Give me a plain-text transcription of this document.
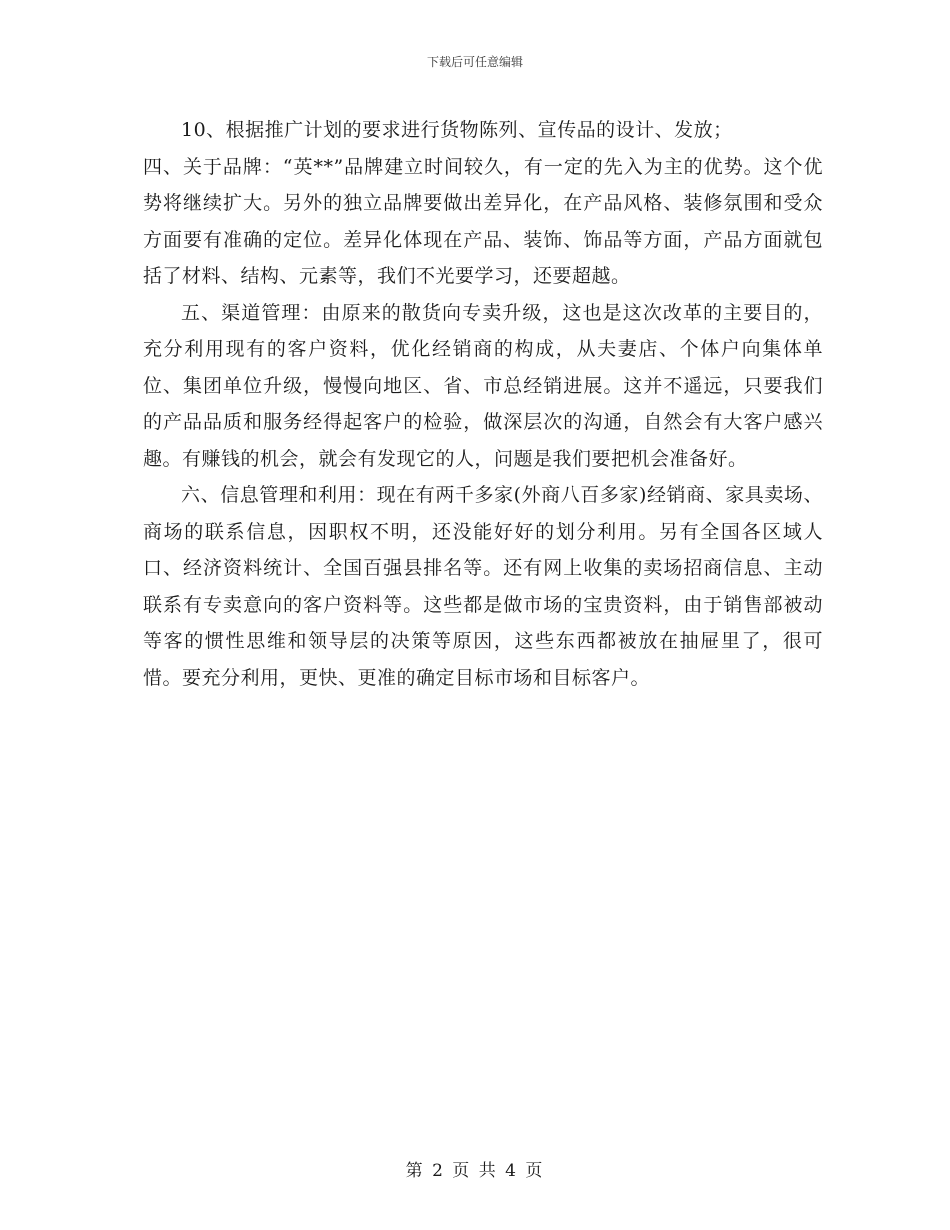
下载后可任意编辑

10、根据推广计划的要求进行货物陈列、宣传品的设计、发放；

四、关于品牌：“英**”品牌建立时间较久，有一定的先入为主的优势。这个优势将继续扩大。另外的独立品牌要做出差异化，在产品风格、装修氛围和受众方面要有准确的定位。差异化体现在产品、装饰、饰品等方面，产品方面就包括了材料、结构、元素等，我们不光要学习，还要超越。

五、渠道管理：由原来的散货向专卖升级，这也是这次改革的主要目的，充分利用现有的客户资料，优化经销商的构成，从夫妻店、个体户向集体单位、集团单位升级，慢慢向地区、省、市总经销进展。这并不遥远，只要我们的产品品质和服务经得起客户的检验，做深层次的沟通，自然会有大客户感兴趣。有赚钱的机会，就会有发现它的人，问题是我们要把机会准备好。

六、信息管理和利用：现在有两千多家(外商八百多家)经销商、家具卖场、商场的联系信息，因职权不明，还没能好好的划分利用。另有全国各区域人口、经济资料统计、全国百强县排名等。还有网上收集的卖场招商信息、主动联系有专卖意向的客户资料等。这些都是做市场的宝贵资料，由于销售部被动等客的惯性思维和领导层的决策等原因，这些东西都被放在抽屉里了，很可惜。要充分利用，更快、更准的确定目标市场和目标客户。

第 2 页 共 4 页
